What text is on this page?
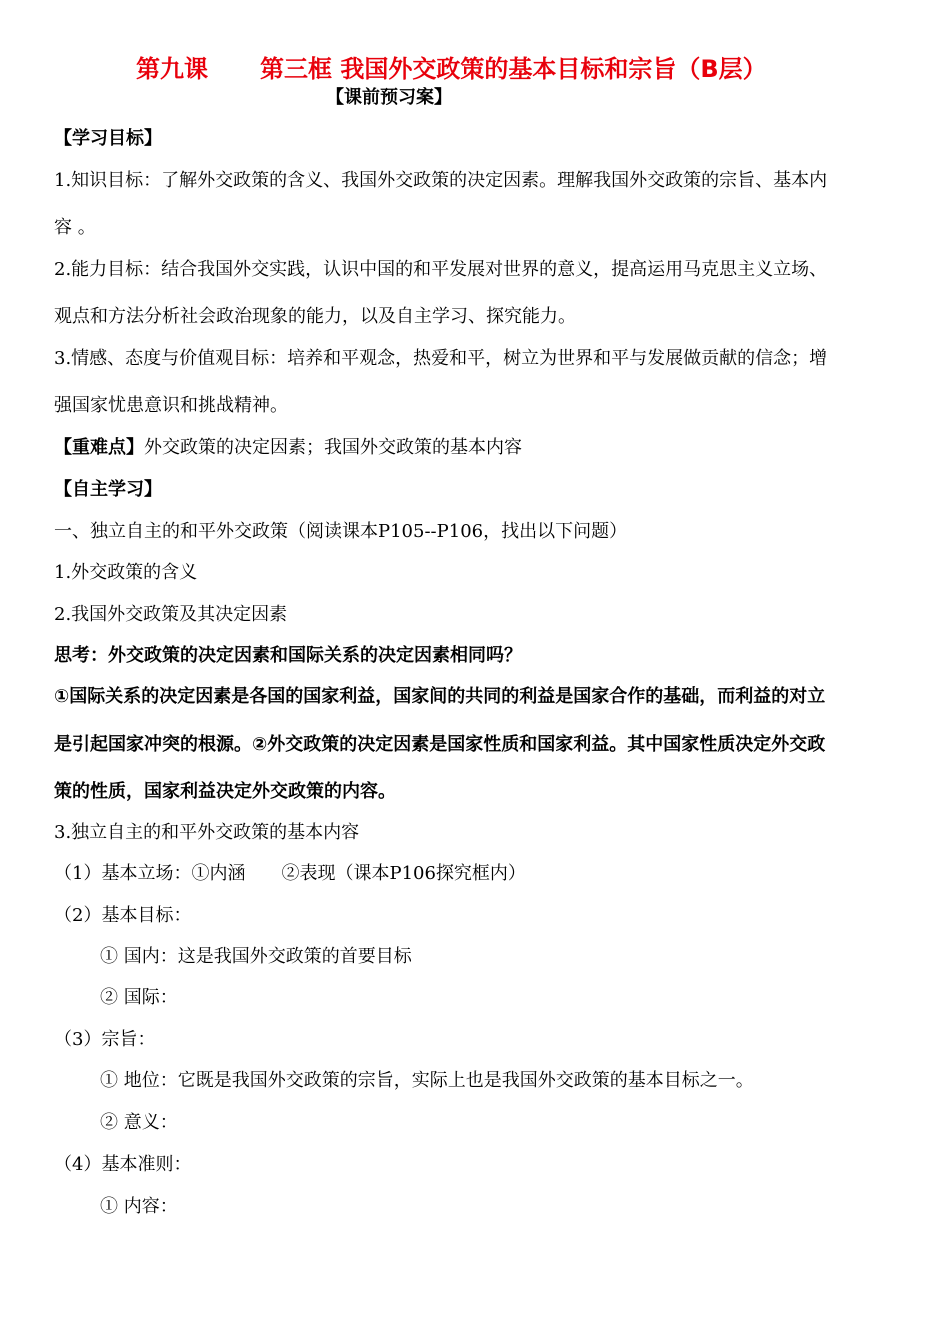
第九课 第三框 我国外交政策的基本目标和宗旨（B层）
【课前预习案】
【学习目标】
1.知识目标：了解外交政策的含义、我国外交政策的决定因素。理解我国外交政策的宗旨、基本内
容 。
2.能力目标：结合我国外交实践，认识中国的和平发展对世界的意义，提高运用马克思主义立场、
观点和方法分析社会政治现象的能力，以及自主学习、探究能力。
3.情感、态度与价值观目标：培养和平观念，热爱和平，树立为世界和平与发展做贡献的信念；增
强国家忧患意识和挑战精神。
【重难点】外交政策的决定因素；我国外交政策的基本内容
【自主学习】
一、独立自主的和平外交政策（阅读课本P105--P106，找出以下问题）
1.外交政策的含义
2.我国外交政策及其决定因素
思考：外交政策的决定因素和国际关系的决定因素相同吗？
①国际关系的决定因素是各国的国家利益，国家间的共同的利益是国家合作的基础，而利益的对立
是引起国家冲突的根源。②外交政策的决定因素是国家性质和国家利益。其中国家性质决定外交政
策的性质，国家利益决定外交政策的内容。
3.独立自主的和平外交政策的基本内容
（1）基本立场：①内涵 ②表现（课本P106探究框内）
（2）基本目标：
① 国内：这是我国外交政策的首要目标
② 国际：
（3）宗旨：
① 地位：它既是我国外交政策的宗旨，实际上也是我国外交政策的基本目标之一。
② 意义：
（4）基本准则：
① 内容：
